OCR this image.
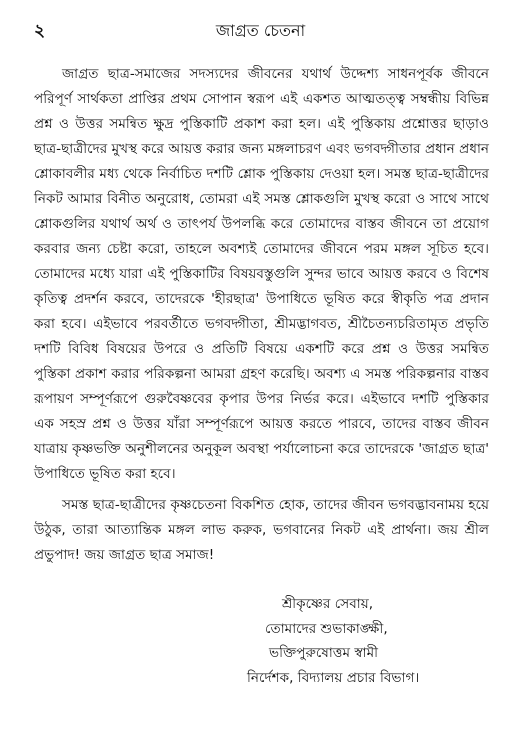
২	জাগ্রত চেতনা

জাগ্রত ছাত্র-সমাজের সদস্যদের জীবনের যথার্থ উদ্দেশ্য সাধনপূর্বক জীবনে পরিপূর্ণ সার্থকতা প্রাপ্তির প্রথম সোপান স্বরূপ এই একশত আত্মতত্ত্ব সম্বন্ধীয় বিভিন্ন প্রশ্ন ও উত্তর সমন্বিত ক্ষুদ্র পুস্তিকাটি প্রকাশ করা হল। এই পুস্তিকায় প্রশ্নোত্তর ছাড়াও ছাত্র-ছাত্রীদের মুখস্থ করে আয়ত্ত করার জন্য মঙ্গলাচরণ এবং ভগবদ্গীতার প্রধান প্রধান শ্লোকাবলীর মধ্য থেকে নির্বাচিত দশটি শ্লোক পুস্তিকায় দেওয়া হল। সমস্ত ছাত্র-ছাত্রীদের নিকট আমার বিনীত অনুরোধ, তোমরা এই সমস্ত শ্লোকগুলি মুখস্থ করো ও সাথে সাথে শ্লোকগুলির যথার্থ অর্থ ও তাৎপর্য উপলব্ধি করে তোমাদের বাস্তব জীবনে তা প্রয়োগ করবার জন্য চেষ্টা করো, তাহলে অবশ্যই তোমাদের জীবনে পরম মঙ্গল সূচিত হবে। তোমাদের মধ্যে যারা এই পুস্তিকাটির বিষয়বস্তুগুলি সুন্দর ভাবে আয়ত্ত করবে ও বিশেষ কৃতিত্ব প্রদর্শন করবে, তাদেরকে 'হীরছাত্র' উপাধিতে ভূষিত করে স্বীকৃতি পত্র প্রদান করা হবে। এইভাবে পরবর্তীতে ভগবদ্গীতা, শ্রীমদ্ভাগবত, শ্রীচৈতন্যচরিতামৃত প্রভৃতি দশটি বিবিধ বিষয়ের উপরে ও প্রতিটি বিষয়ে একশটি করে প্রশ্ন ও উত্তর সমন্বিত পুস্তিকা প্রকাশ করার পরিকল্পনা আমরা গ্রহণ করেছি। অবশ্য এ সমস্ত পরিকল্পনার বাস্তব রূপায়ণ সম্পূর্ণরূপে গুরুবৈষ্ণবের কৃপার উপর নির্ভর করে। এইভাবে দশটি পুস্তিকার এক সহস্র প্রশ্ন ও উত্তর যাঁরা সম্পূর্ণরূপে আয়ত্ত করতে পারবে, তাদের বাস্তব জীবন যাত্রায় কৃষ্ণভক্তি অনুশীলনের অনুকূল অবস্থা পর্যালোচনা করে তাদেরকে 'জাগ্রত ছাত্র' উপাধিতে ভূষিত করা হবে।

সমস্ত ছাত্র-ছাত্রীদের কৃষ্ণচেতনা বিকশিত হোক, তাদের জীবন ভগবদ্ভাবনাময় হয়ে উঠুক, তারা আত্যান্তিক মঙ্গল লাভ করুক, ভগবানের নিকট এই প্রার্থনা। জয় শ্রীল প্রভুপাদ! জয় জাগ্রত ছাত্র সমাজ!

শ্রীকৃষ্ণের সেবায়,
তোমাদের শুভাকাঙ্ক্ষী,
ভক্তিপুরুষোত্তম স্বামী
নির্দেশক, বিদ্যালয় প্রচার বিভাগ।
